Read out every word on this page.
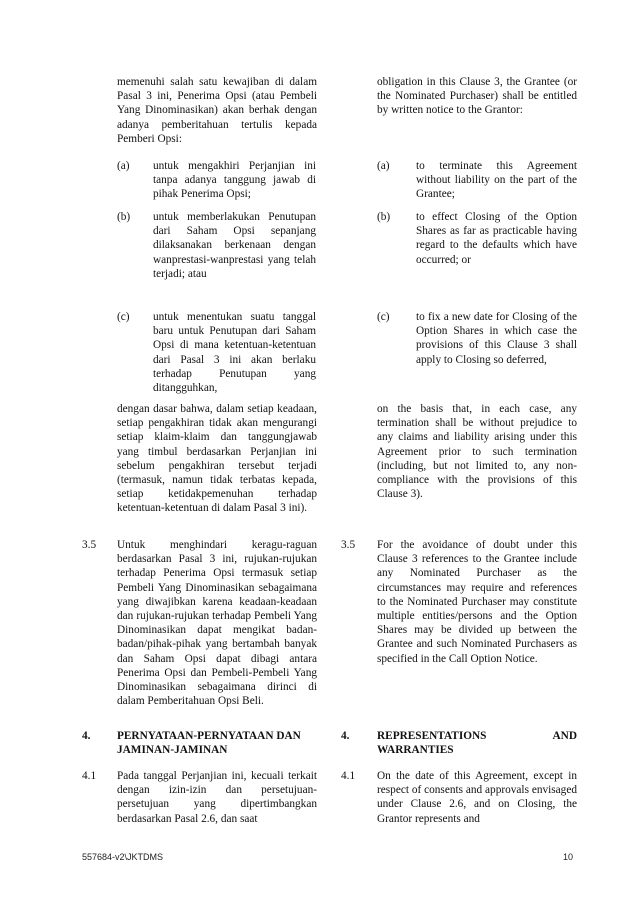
memenuhi salah satu kewajiban di dalam Pasal 3 ini, Penerima Opsi (atau Pembeli Yang Dinominasikan) akan berhak dengan adanya pemberitahuan tertulis kepada Pemberi Opsi:
(a) untuk mengakhiri Perjanjian ini tanpa adanya tanggung jawab di pihak Penerima Opsi;
(b) untuk memberlakukan Penutupan dari Saham Opsi sepanjang dilaksanakan berkenaan dengan wanprestasi-wanprestasi yang telah terjadi; atau
(c) untuk menentukan suatu tanggal baru untuk Penutupan dari Saham Opsi di mana ketentuan-ketentuan dari Pasal 3 ini akan berlaku terhadap Penutupan yang ditangguhkan,
dengan dasar bahwa, dalam setiap keadaan, setiap pengakhiran tidak akan mengurangi setiap klaim-klaim dan tanggungjawab yang timbul berdasarkan Perjanjian ini sebelum pengakhiran tersebut terjadi (termasuk, namun tidak terbatas kepada, setiap ketidakpemenuhan terhadap ketentuan-ketentuan di dalam Pasal 3 ini).
3.5 Untuk menghindari keragu-raguan berdasarkan Pasal 3 ini, rujukan-rujukan terhadap Penerima Opsi termasuk setiap Pembeli Yang Dinominasikan sebagaimana yang diwajibkan karena keadaan-keadaan dan rujukan-rujukan terhadap Pembeli Yang Dinominasikan dapat mengikat badan-badan/pihak-pihak yang bertambah banyak dan Saham Opsi dapat dibagi antara Penerima Opsi dan Pembeli-Pembeli Yang Dinominasikan sebagaimana dirinci di dalam Pemberitahuan Opsi Beli.
4. PERNYATAAN-PERNYATAAN DAN JAMINAN-JAMINAN
4.1 Pada tanggal Perjanjian ini, kecuali terkait dengan izin-izin dan persetujuan-persetujuan yang dipertimbangkan berdasarkan Pasal 2.6, dan saat
obligation in this Clause 3, the Grantee (or the Nominated Purchaser) shall be entitled by written notice to the Grantor:
(a) to terminate this Agreement without liability on the part of the Grantee;
(b) to effect Closing of the Option Shares as far as practicable having regard to the defaults which have occurred; or
(c) to fix a new date for Closing of the Option Shares in which case the provisions of this Clause 3 shall apply to Closing so deferred,
on the basis that, in each case, any termination shall be without prejudice to any claims and liability arising under this Agreement prior to such termination (including, but not limited to, any non-compliance with the provisions of this Clause 3).
3.5 For the avoidance of doubt under this Clause 3 references to the Grantee include any Nominated Purchaser as the circumstances may require and references to the Nominated Purchaser may constitute multiple entities/persons and the Option Shares may be divided up between the Grantee and such Nominated Purchasers as specified in the Call Option Notice.
4. REPRESENTATIONS AND WARRANTIES
4.1 On the date of this Agreement, except in respect of consents and approvals envisaged under Clause 2.6, and on Closing, the Grantor represents and
557684-v2\JKTDMS	10
